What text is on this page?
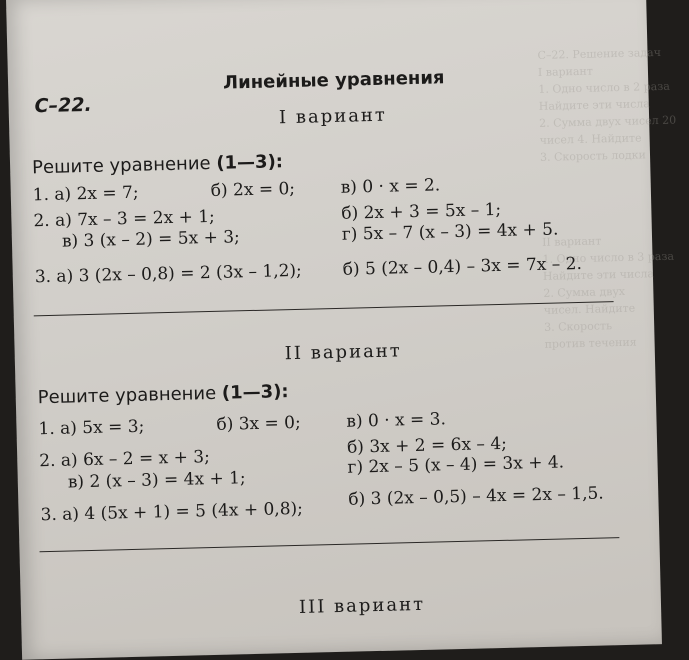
С–22. Решение задач
I вариант
1. Одно число в 2 раза
Найдите эти числа
2. Сумма двух чисел 20
чисел 4. Найдите
3. Скорость лодки

II вариант
1. Одно число в 3 раза
Найдите эти числа
2. Сумма двух
чисел. Найдите
3. Скорость
против течения
С–22.
Линейные уравнения
I вариант
Решите уравнение (1—3):
1. а) 2x = 7;	б) 2x = 0;	в) 0 · x = 2.
2. а) 7x – 3 = 2x + 1;	б) 2x + 3 = 5x – 1;
в) 3 (x – 2) = 5x + 3;	г) 5x – 7 (x – 3) = 4x + 5.
3. а) 3 (2x – 0,8) = 2 (3x – 1,2); б) 5 (2x – 0,4) – 3x = 7x – 2.
II вариант
Решите уравнение (1—3):
1. а) 5x = 3;	б) 3x = 0;	в) 0 · x = 3.
2. а) 6x – 2 = x + 3;
б) 3x + 2 = 6x – 4;
в) 2 (x – 3) = 4x + 1;
г) 2x – 5 (x – 4) = 3x + 4.
3. а) 4 (5x + 1) = 5 (4x + 0,8);
б) 3 (2x – 0,5) – 4x = 2x – 1,5.
III вариант
